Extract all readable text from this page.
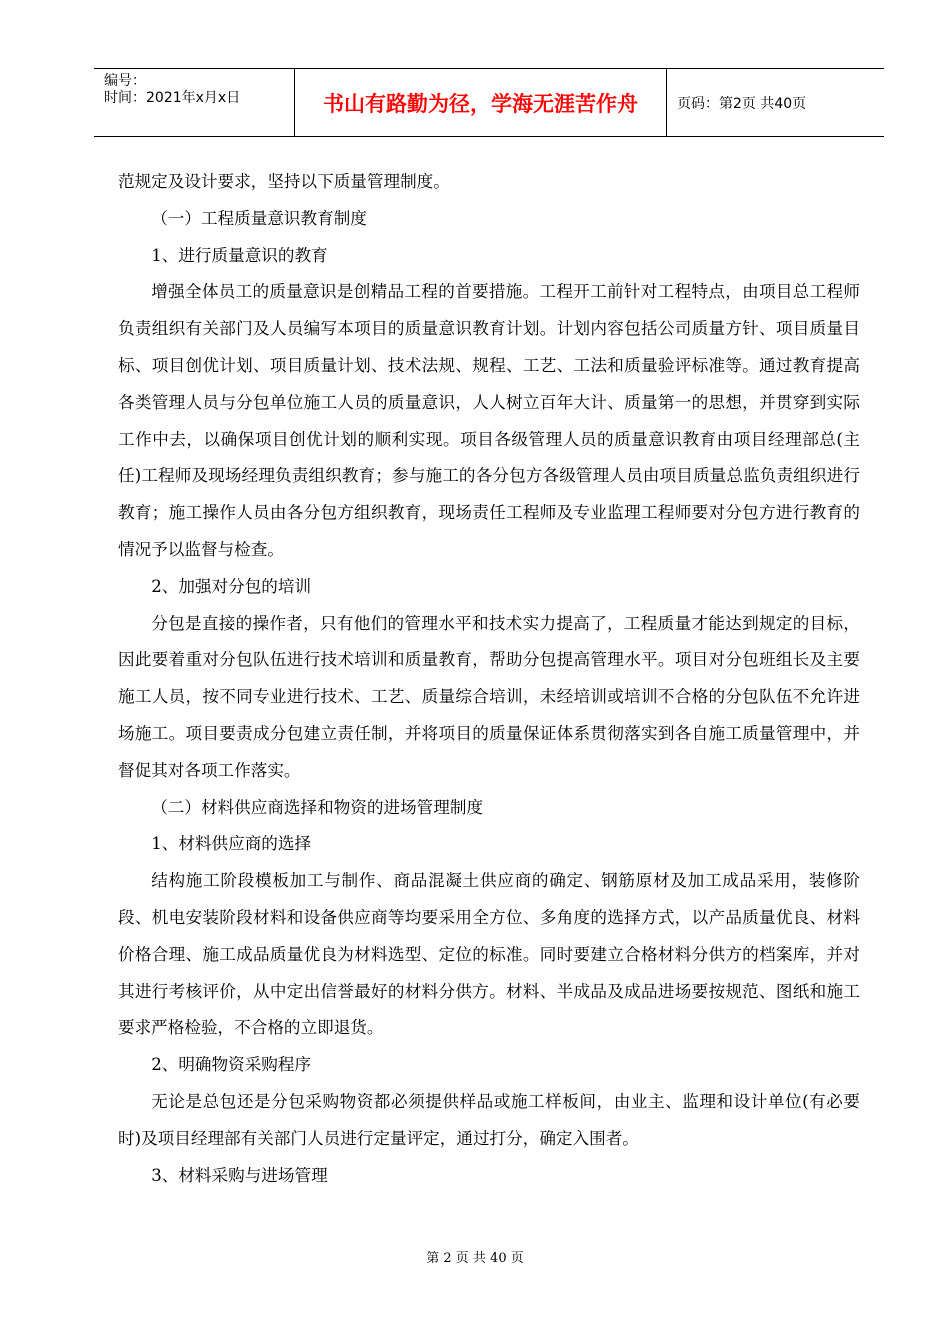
编号：
时间：2021年x月x日	书山有路勤为径，学海无涯苦作舟	页码：第2页 共40页

范规定及设计要求，坚持以下质量管理制度。

（一）工程质量意识教育制度

1、进行质量意识的教育

增强全体员工的质量意识是创精品工程的首要措施。工程开工前针对工程特点，由项目总工程师负责组织有关部门及人员编写本项目的质量意识教育计划。计划内容包括公司质量方针、项目质量目标、项目创优计划、项目质量计划、技术法规、规程、工艺、工法和质量验评标准等。通过教育提高各类管理人员与分包单位施工人员的质量意识，人人树立百年大计、质量第一的思想，并贯穿到实际工作中去，以确保项目创优计划的顺利实现。项目各级管理人员的质量意识教育由项目经理部总(主任)工程师及现场经理负责组织教育；参与施工的各分包方各级管理人员由项目质量总监负责组织进行教育；施工操作人员由各分包方组织教育，现场责任工程师及专业监理工程师要对分包方进行教育的情况予以监督与检查。

2、加强对分包的培训

分包是直接的操作者，只有他们的管理水平和技术实力提高了，工程质量才能达到规定的目标，因此要着重对分包队伍进行技术培训和质量教育，帮助分包提高管理水平。项目对分包班组长及主要施工人员，按不同专业进行技术、工艺、质量综合培训，未经培训或培训不合格的分包队伍不允许进场施工。项目要责成分包建立责任制，并将项目的质量保证体系贯彻落实到各自施工质量管理中，并督促其对各项工作落实。

（二）材料供应商选择和物资的进场管理制度

1、材料供应商的选择

结构施工阶段模板加工与制作、商品混凝土供应商的确定、钢筋原材及加工成品采用，装修阶段、机电安装阶段材料和设备供应商等均要采用全方位、多角度的选择方式，以产品质量优良、材料价格合理、施工成品质量优良为材料选型、定位的标准。同时要建立合格材料分供方的档案库，并对其进行考核评价，从中定出信誉最好的材料分供方。材料、半成品及成品进场要按规范、图纸和施工要求严格检验，不合格的立即退货。

2、明确物资采购程序

无论是总包还是分包采购物资都必须提供样品或施工样板间，由业主、监理和设计单位(有必要时)及项目经理部有关部门人员进行定量评定，通过打分，确定入围者。

3、材料采购与进场管理

第 2 页 共 40 页
